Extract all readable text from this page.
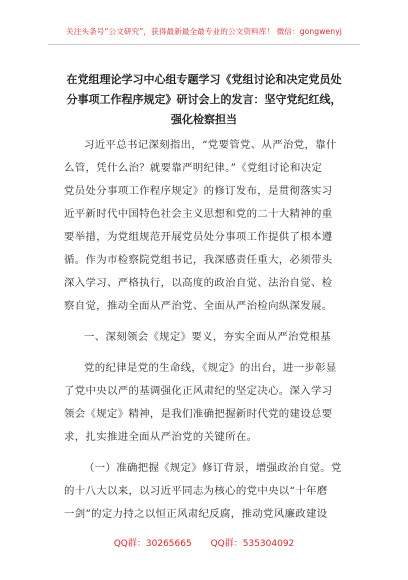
关注头条号“公文研究”，获得最新最全最专业的公文资料库！ 微信：gongwenyj
在党组理论学习中心组专题学习《党组讨论和决定党员处
分事项工作程序规定》研讨会上的发言：坚守党纪红线，
强化检察担当
习近平总书记深刻指出，“党要管党、从严治党，靠什
么管，凭什么治？就要靠严明纪律。”《党组讨论和决定
党员处分事项工作程序规定》的修订发布，是贯彻落实习
近平新时代中国特色社会主义思想和党的二十大精神的重
要举措，为党组规范开展党员处分事项工作提供了根本遵
循。作为市检察院党组书记，我深感责任重大，必须带头
深入学习、严格执行，以高度的政治自觉、法治自觉、检
察自觉，推动全面从严治党、全面从严治检向纵深发展。
一、深刻领会《规定》要义，夯实全面从严治党根基
党的纪律是党的生命线，《规定》的出台，进一步彰显
了党中央以严的基调强化正风肃纪的坚定决心。深入学习
领会《规定》精神，是我们准确把握新时代党的建设总要
求，扎实推进全面从严治党的关键所在。
（一）准确把握《规定》修订背景，增强政治自觉。党
的十八大以来，以习近平同志为核心的党中央以“十年磨
一剑”的定力持之以恒正风肃纪反腐，推动党风廉政建设
QQ群：30265665 QQ群：535304092
